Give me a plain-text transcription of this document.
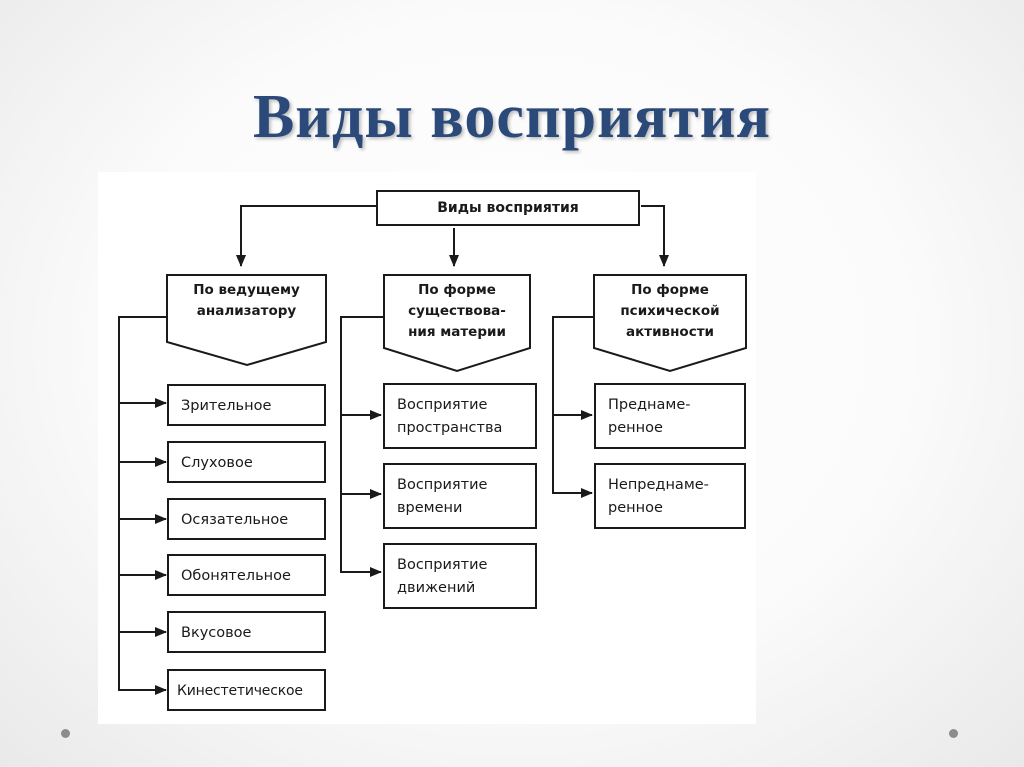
Виды восприятия
Виды восприятия
По ведущему
анализатору
По форме
существова-
ния материи
По форме
психической
активности
Зрительное
Слуховое
Осязательное
Обонятельное
Вкусовое
Кинестетическое
Восприятие
пространства
Восприятие
времени
Восприятие
движений
Преднаме-
ренное
Непреднаме-
ренное
